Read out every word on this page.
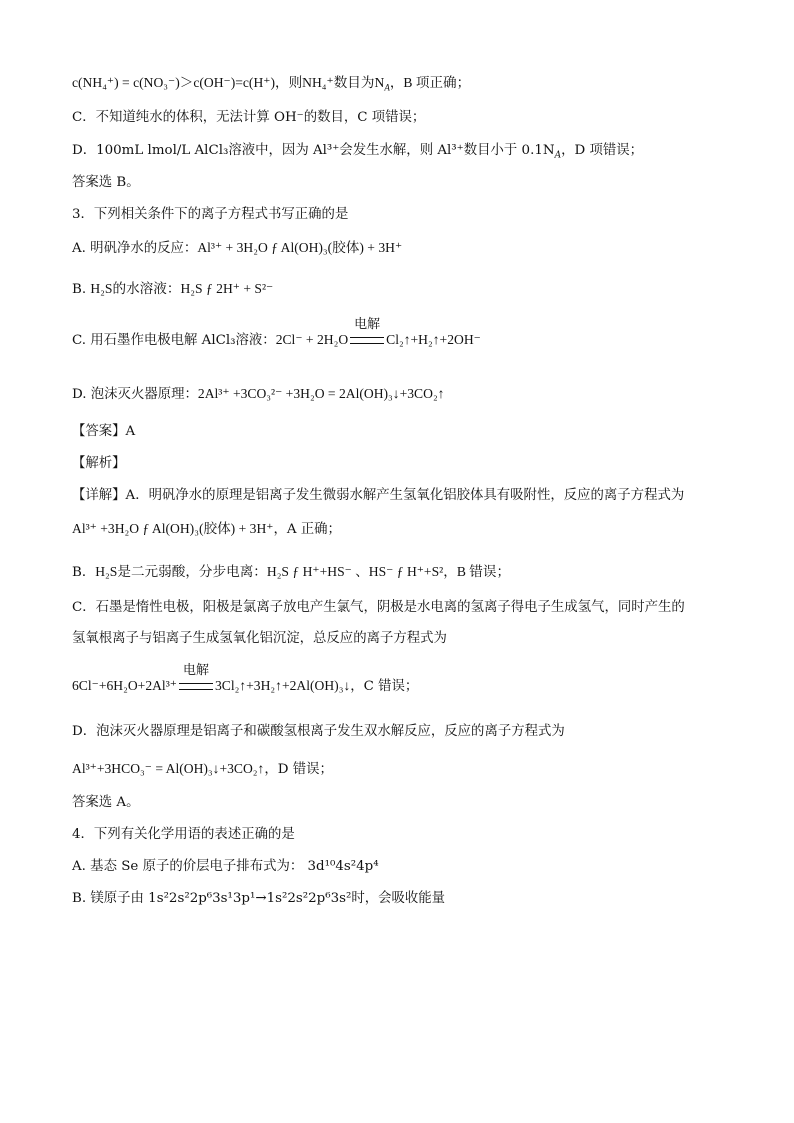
c(NH₄⁺) = c(NO₃⁻)＞c(OH⁻)=c(H⁺)，则NH₄⁺数目为$N_A$，B 项正确；
C．不知道纯水的体积，无法计算 OH⁻的数目，C 项错误；
D．100mL lmol/L AlCl₃溶液中，因为 Al³⁺会发生水解，则 Al³⁺数目小于 $0.1N_A$，D 项错误；
答案选 B。
3．下列相关条件下的离子方程式书写正确的是
A. 明矾净水的反应：Al³⁺ + 3H₂O ƒ Al(OH)₃(胶体) + 3H⁺
B. H₂S的水溶液：H₂S ƒ 2H⁺ + S²⁻
C. 用石墨作电极电解 AlCl₃溶液：2Cl⁻ + 2H₂O
电解
Cl₂↑+H₂↑+2OH⁻
D. 泡沫灭火器原理：2Al³⁺ +3CO₃²⁻ +3H₂O = 2Al(OH)₃↓+3CO₂↑
【答案】A
【解析】
【详解】A．明矾净水的原理是铝离子发生微弱水解产生氢氧化铝胶体具有吸附性，反应的离子方程式为
Al³⁺ +3H₂O ƒ Al(OH)₃(胶体) + 3H⁺，A 正确；
B．H₂S是二元弱酸，分步电离：H₂S ƒ H⁺+HS⁻ 、HS⁻ ƒ H⁺+S²，B 错误；
C．石墨是惰性电极，阳极是氯离子放电产生氯气，阴极是水电离的氢离子得电子生成氢气，同时产生的
氢氧根离子与铝离子生成氢氧化铝沉淀，总反应的离子方程式为
6Cl⁻+6H₂O+2Al³⁺
电解
3Cl₂↑+3H₂↑+2Al(OH)₃↓，C 错误；
D．泡沫灭火器原理是铝离子和碳酸氢根离子发生双水解反应，反应的离子方程式为
Al³⁺+3HCO₃⁻ = Al(OH)₃↓+3CO₂↑，D 错误；
答案选 A。
4．下列有关化学用语的表述正确的是
A. 基态 Se 原子的价层电子排布式为： 3d¹⁰4s²4p⁴
B. 镁原子由 1s²2s²2p⁶3s¹3p¹→1s²2s²2p⁶3s²时，会吸收能量
